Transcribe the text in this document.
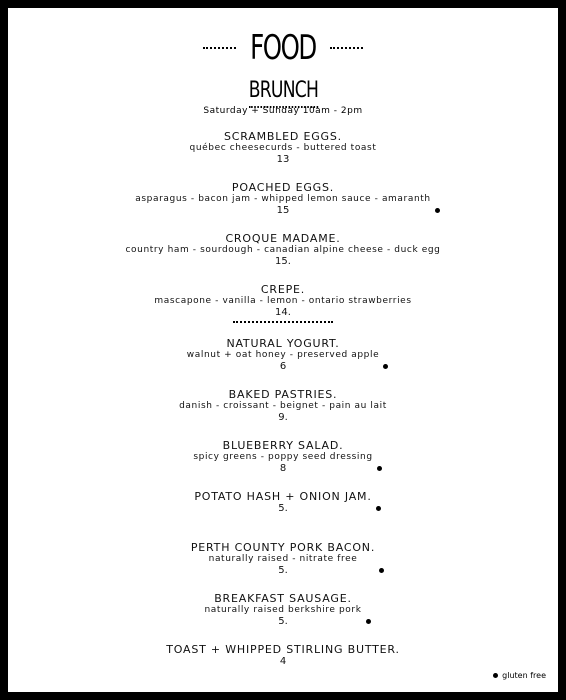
FOOD
BRUNCH
Saturday + Sunday 10am - 2pm
SCRAMBLED EGGS.
québec cheesecurds - buttered toast
13
POACHED EGGS.
asparagus - bacon jam - whipped lemon sauce - amaranth
15
CROQUE MADAME.
country ham - sourdough - canadian alpine cheese - duck egg
15.
CREPE.
mascapone - vanilla - lemon - ontario strawberries
14.
NATURAL YOGURT.
walnut + oat honey - preserved apple
6
BAKED PASTRIES.
danish - croissant - beignet - pain au lait
9.
BLUEBERRY SALAD.
spicy greens - poppy seed dressing
8
POTATO HASH + ONION JAM.
5.
PERTH COUNTY PORK BACON.
naturally raised - nitrate free
5.
BREAKFAST SAUSAGE.
naturally raised berkshire pork
5.
TOAST + WHIPPED STIRLING BUTTER.
4
gluten free
